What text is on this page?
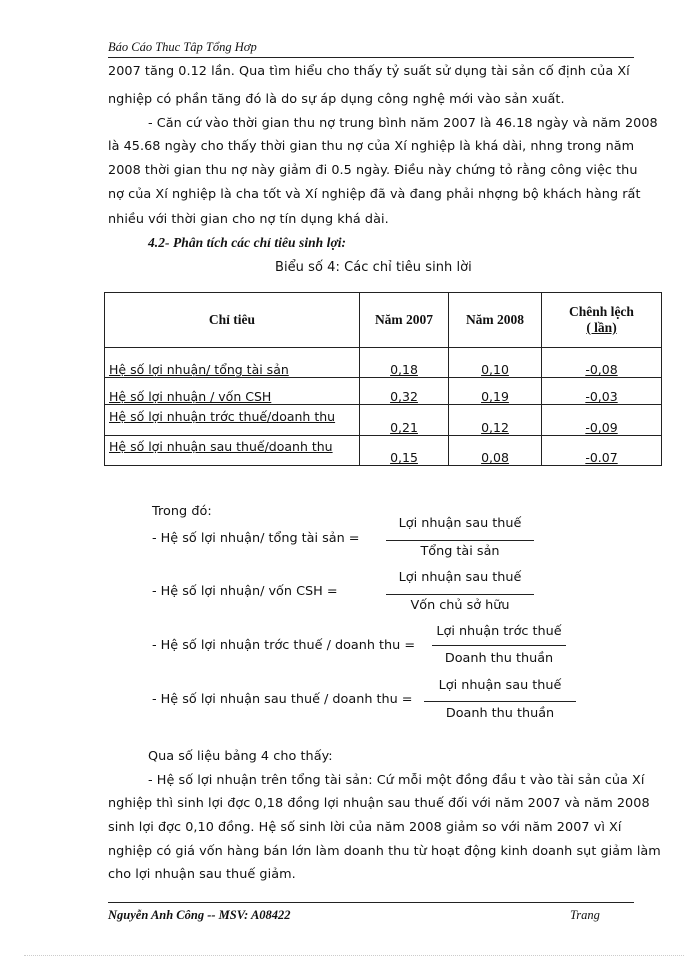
Báo Cáo Thuc Tâp Tổng Hơp
2007 tăng 0.12 lần. Qua tìm hiểu cho thấy tỷ suất sử dụng tài sản cố định của Xí
nghiệp có phần tăng đó là do sự áp dụng công nghệ mới vào sản xuất.
- Căn cứ vào thời gian thu nợ trung bình năm 2007 là 46.18 ngày và năm 2008
là 45.68 ngày cho thấy thời gian thu nợ của Xí nghiệp là khá dài, nhng trong năm
2008 thời gian thu nợ này giảm đi 0.5 ngày. Điều này chứng tỏ rằng công việc thu
nợ của Xí nghiệp là cha tốt và Xí nghiệp đã và đang phải nhợng bộ khách hàng rất
nhiều với thời gian cho nợ tín dụng khá dài.
4.2- Phân tích các chỉ tiêu sinh lợi:
Biểu số 4: Các chỉ tiêu sinh lời
Chỉ tiêu	Năm 2007	Năm 2008	Chênh lệch
( lần)

Hệ số lợi nhuận/ tổng tài sản	0,18	0,10	-0,08
Hệ số lợi nhuận / vốn CSH	0,32	0,19	-0,03
Hệ số lợi nhuận trớc thuế/doanh thu	0,21	0,12	-0,09
Hệ số lợi nhuận sau thuế/doanh thu	0,15	0,08	-0.07
Trong đó:
- Hệ số lợi nhuận/ tổng tài sản =
Lợi nhuận sau thuế
Tổng tài sản
- Hệ số lợi nhuận/ vốn CSH =
Lợi nhuận sau thuế
Vốn chủ sở hữu
- Hệ số lợi nhuận trớc thuế / doanh thu =
Lợi nhuận trớc thuế
Doanh thu thuần
- Hệ số lợi nhuận sau thuế / doanh thu =
Lợi nhuận sau thuế
Doanh thu thuần
Qua số liệu bảng 4 cho thấy:
- Hệ số lợi nhuận trên tổng tài sản: Cứ mỗi một đồng đầu t vào tài sản của Xí
nghiệp thì sinh lợi đợc 0,18 đồng lợi nhuận sau thuế đối với năm 2007 và năm 2008
sinh lợi đợc 0,10 đồng. Hệ số sinh lời của năm 2008 giảm so với năm 2007 vì Xí
nghiệp có giá vốn hàng bán lớn làm doanh thu từ hoạt động kinh doanh sụt giảm làm
cho lợi nhuận sau thuế giảm.
Nguyễn Anh Công -- MSV: A08422	Trang
